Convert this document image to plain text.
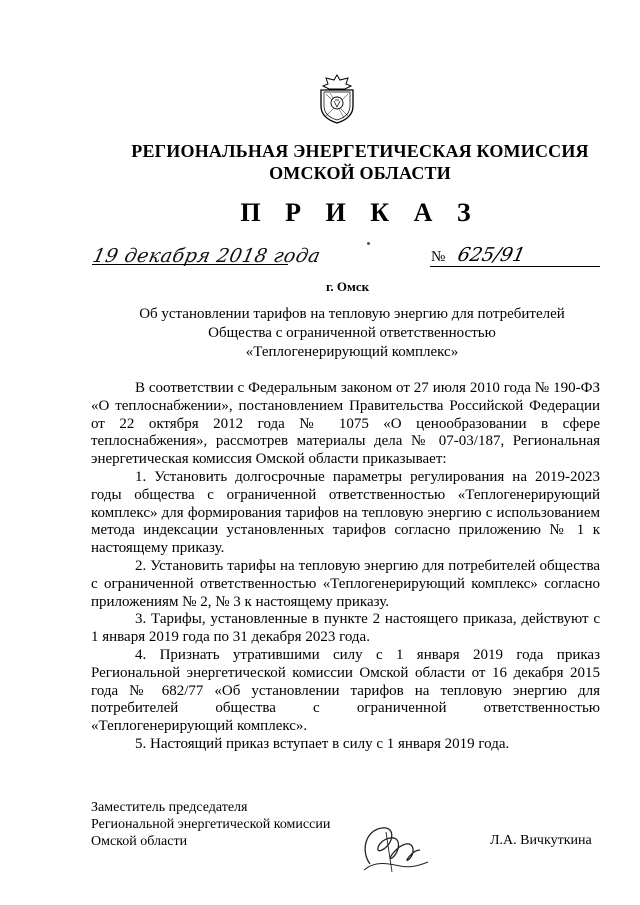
РЕГИОНАЛЬНАЯ ЭНЕРГЕТИЧЕСКАЯ КОМИССИЯ
ОМСКОЙ ОБЛАСТИ
П Р И К А З
19 декабря 2018 года	№ 625/91
г. Омск
Об установлении тарифов на тепловую энергию для потребителей
Общества с ограниченной ответственностью
«Теплогенерирующий комплекс»

В соответствии с Федеральным законом от 27 июля 2010 года № 190-ФЗ «О теплоснабжении», постановлением Правительства Российской Федерации от 22 октября 2012 года № 1075 «О ценообразовании в сфере теплоснабжения», рассмотрев материалы дела № 07-03/187, Региональная энергетическая комиссия Омской области приказывает:

1. Установить долгосрочные параметры регулирования на 2019-2023 годы общества с ограниченной ответственностью «Теплогенерирующий комплекс» для формирования тарифов на тепловую энергию с использованием метода индексации установленных тарифов согласно приложению № 1 к настоящему приказу.

2. Установить тарифы на тепловую энергию для потребителей общества с ограниченной ответственностью «Теплогенерирующий комплекс» согласно приложениям № 2, № 3 к настоящему приказу.

3. Тарифы, установленные в пункте 2 настоящего приказа, действуют с 1 января 2019 года по 31 декабря 2023 года.

4. Признать утратившими силу с 1 января 2019 года приказ Региональной энергетической комиссии Омской области от 16 декабря 2015 года № 682/77 «Об установлении тарифов на тепловую энергию для потребителей общества с ограниченной ответственностью «Теплогенерирующий комплекс».

5. Настоящий приказ вступает в силу с 1 января 2019 года.

Заместитель председателя
Региональной энергетической комиссии
Омской области	Л.А. Вичкуткина
